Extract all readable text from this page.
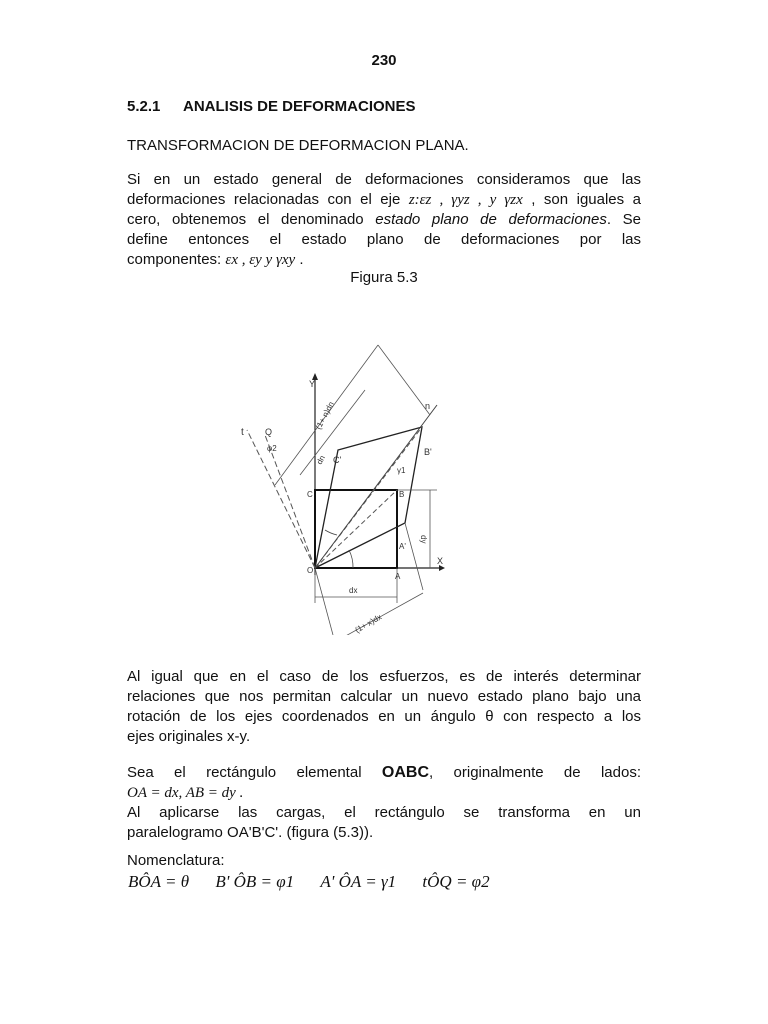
230
5.2.1 ANALISIS DE DEFORMACIONES
TRANSFORMACION DE DEFORMACION PLANA.
Si en un estado general de deformaciones consideramos que las
deformaciones relacionadas con el eje z:εz , γyz , y γzx , son iguales a
cero, obtenemos el denominado estado plano de deformaciones. Se
define entonces el estado plano de deformaciones por las
componentes: εx , εy y γxy .
Figura 5.3
Y
X
n
t Q
φ2
(1+ n)dn
dn C'
B'
γ1
C	B
A'
dy
O
A
dx
(1+ x)dx
Al igual que en el caso de los esfuerzos, es de interés determinar
relaciones que nos permitan calcular un nuevo estado plano bajo una
rotación de los ejes coordenados en un ángulo θ con respecto a los
ejes originales x-y.
Sea el rectángulo elemental OABC, originalmente de lados:
OA = dx, AB = dy .
Al aplicarse las cargas, el rectángulo se transforma en un
paralelogramo OA'B'C'. (figura (5.3)).
Nomenclatura:
BÔA = θ B' ÔB = φ1 A' ÔA = γ1 tÔQ = φ2
